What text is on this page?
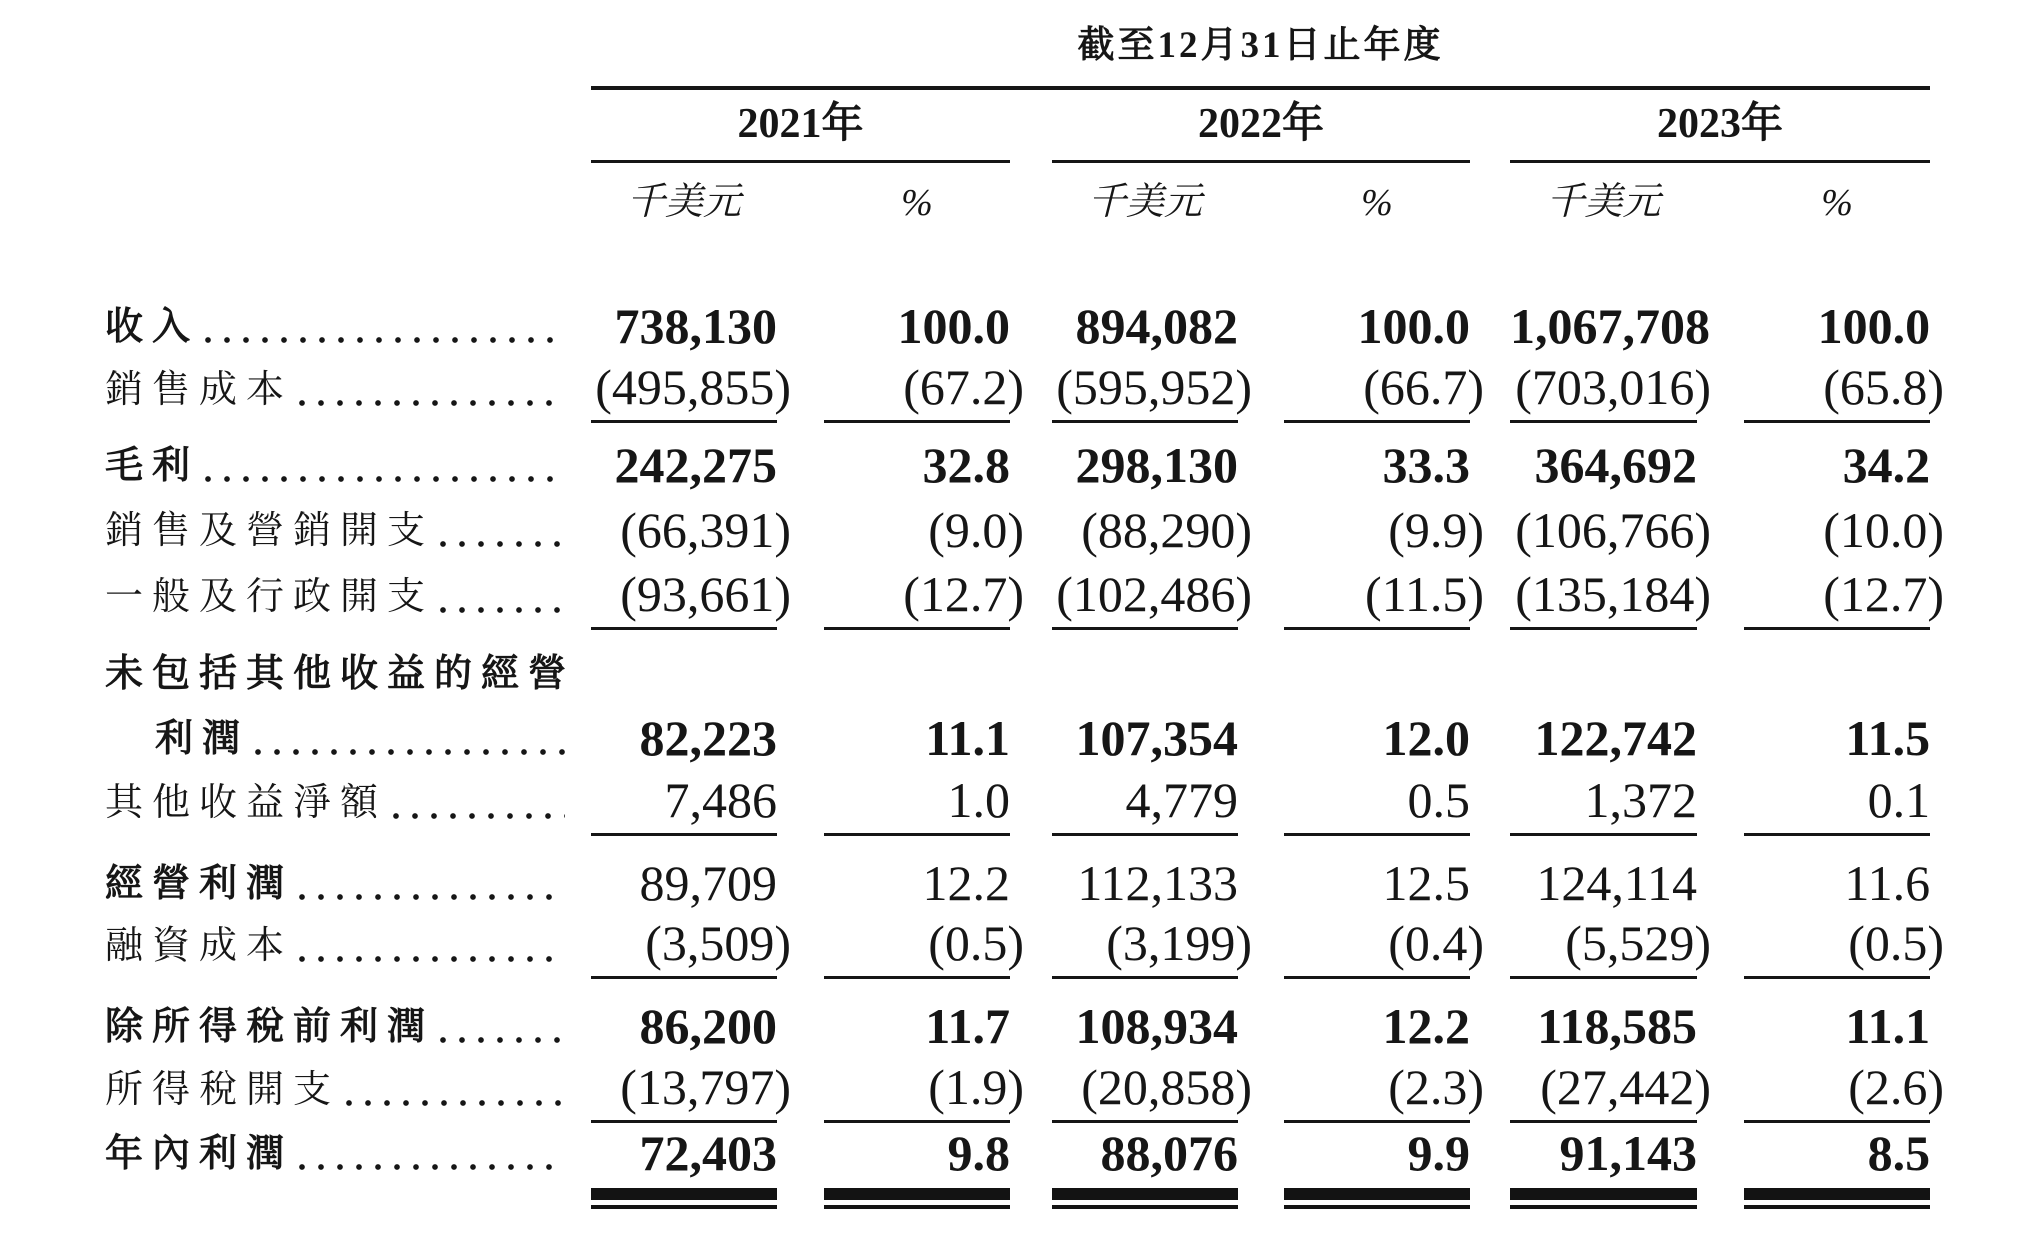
	截至12月31日止年度										
	2021年				2022年				2023年		
	千美元		%		千美元		%		千美元		%

收入	738,130		100.0		894,082		100.0		1,067,708		100.0

銷售成本	(495,855)		(67.2)		(595,952)		(66.7)		(703,016)		(65.8)

毛利	242,275		32.8		298,130		33.3		364,692		34.2

銷售及營銷開支	(66,391)		(9.0)		(88,290)		(9.9)		(106,766)		(10.0)

一般及行政開支	(93,661)		(12.7)		(102,486)		(11.5)		(135,184)		(12.7)

未包括其他收益的經營											

利潤	82,223		11.1		107,354		12.0		122,742		11.5

其他收益淨額	7,486		1.0		4,779		0.5		1,372		0.1

經營利潤	89,709		12.2		112,133		12.5		124,114		11.6

融資成本	(3,509)		(0.5)		(3,199)		(0.4)		(5,529)		(0.5)

除所得稅前利潤	86,200		11.7		108,934		12.2		118,585		11.1

所得稅開支	(13,797)		(1.9)		(20,858)		(2.3)		(27,442)		(2.6)

年內利潤	72,403		9.8		88,076		9.9		91,143		8.5
